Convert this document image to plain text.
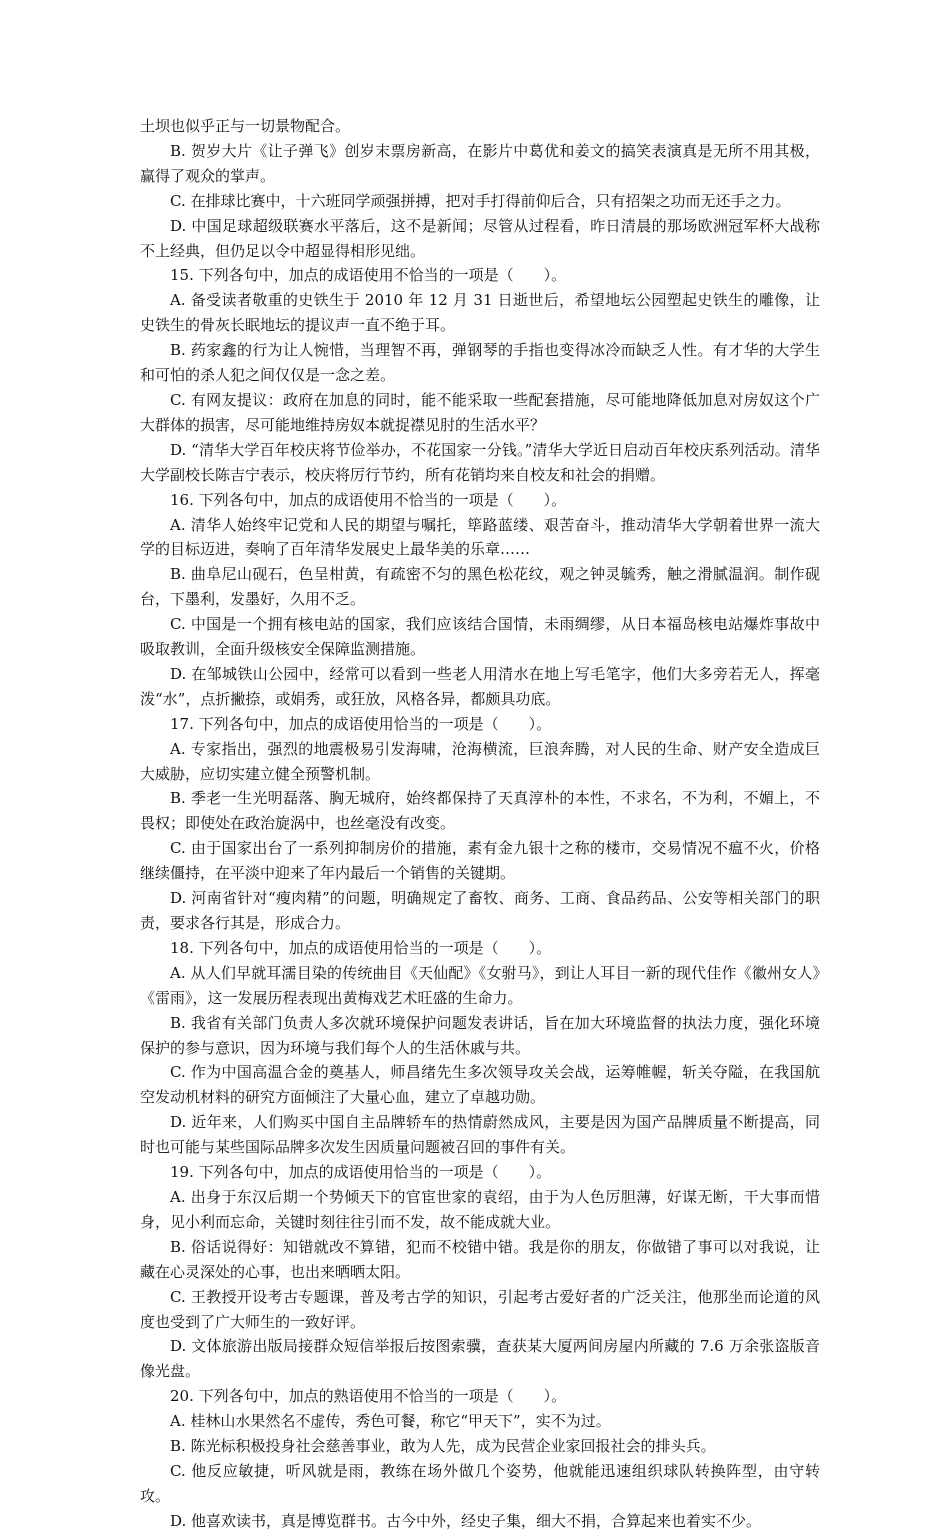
土坝也似乎正与一切景物配合。

B. 贺岁大片《让子弹飞》创岁末票房新高，在影片中葛优和姜文的搞笑表演真是无所不用其极，赢得了观众的掌声。

C. 在排球比赛中，十六班同学顽强拼搏，把对手打得前仰后合，只有招架之功而无还手之力。

D. 中国足球超级联赛水平落后，这不是新闻；尽管从过程看，昨日清晨的那场欧洲冠军杯大战称不上经典，但仍足以令中超显得相形见绌。

15. 下列各句中，加点的成语使用不恰当的一项是（　　）。

A. 备受读者敬重的史铁生于 2010 年 12 月 31 日逝世后，希望地坛公园塑起史铁生的雕像，让史铁生的骨灰长眠地坛的提议声一直不绝于耳。

B. 药家鑫的行为让人惋惜，当理智不再，弹钢琴的手指也变得冰冷而缺乏人性。有才华的大学生和可怕的杀人犯之间仅仅是一念之差。

C. 有网友提议：政府在加息的同时，能不能采取一些配套措施，尽可能地降低加息对房奴这个广大群体的损害，尽可能地维持房奴本就捉襟见肘的生活水平？

D. “清华大学百年校庆将节俭举办，不花国家一分钱。”清华大学近日启动百年校庆系列活动。清华大学副校长陈吉宁表示，校庆将厉行节约，所有花销均来自校友和社会的捐赠。

16. 下列各句中，加点的成语使用不恰当的一项是（　　）。

A. 清华人始终牢记党和人民的期望与嘱托，筚路蓝缕、艰苦奋斗，推动清华大学朝着世界一流大学的目标迈进，奏响了百年清华发展史上最华美的乐章……

B. 曲阜尼山砚石，色呈柑黄，有疏密不匀的黑色松花纹，观之钟灵毓秀，触之滑腻温润。制作砚台，下墨利，发墨好，久用不乏。

C. 中国是一个拥有核电站的国家，我们应该结合国情，未雨绸缪，从日本福岛核电站爆炸事故中吸取教训，全面升级核安全保障监测措施。

D. 在邹城铁山公园中，经常可以看到一些老人用清水在地上写毛笔字，他们大多旁若无人，挥毫泼“水”，点折撇捺，或娟秀，或狂放，风格各异，都颇具功底。

17. 下列各句中，加点的成语使用恰当的一项是（　　）。

A. 专家指出，强烈的地震极易引发海啸，沧海横流，巨浪奔腾，对人民的生命、财产安全造成巨大威胁，应切实建立健全预警机制。

B. 季老一生光明磊落、胸无城府，始终都保持了天真淳朴的本性，不求名，不为利，不媚上，不畏权；即使处在政治旋涡中，也丝毫没有改变。

C. 由于国家出台了一系列抑制房价的措施，素有金九银十之称的楼市，交易情况不瘟不火，价格继续僵持，在平淡中迎来了年内最后一个销售的关键期。

D. 河南省针对“瘦肉精”的问题，明确规定了畜牧、商务、工商、食品药品、公安等相关部门的职责，要求各行其是，形成合力。

18. 下列各句中，加点的成语使用恰当的一项是（　　）。

A. 从人们早就耳濡目染的传统曲目《天仙配》《女驸马》，到让人耳目一新的现代佳作《徽州女人》《雷雨》，这一发展历程表现出黄梅戏艺术旺盛的生命力。

B. 我省有关部门负责人多次就环境保护问题发表讲话，旨在加大环境监督的执法力度，强化环境保护的参与意识，因为环境与我们每个人的生活休戚与共。

C. 作为中国高温合金的奠基人，师昌绪先生多次领导攻关会战，运筹帷幄，斩关夺隘，在我国航空发动机材料的研究方面倾注了大量心血，建立了卓越功勋。

D. 近年来，人们购买中国自主品牌轿车的热情蔚然成风，主要是因为国产品牌质量不断提高，同时也可能与某些国际品牌多次发生因质量问题被召回的事件有关。

19. 下列各句中，加点的成语使用恰当的一项是（　　）。

A. 出身于东汉后期一个势倾天下的官宦世家的袁绍，由于为人色厉胆薄，好谋无断，干大事而惜身，见小利而忘命，关键时刻往往引而不发，故不能成就大业。

B. 俗话说得好：知错就改不算错，犯而不校错中错。我是你的朋友，你做错了事可以对我说，让藏在心灵深处的心事，也出来晒晒太阳。

C. 王教授开设考古专题课，普及考古学的知识，引起考古爱好者的广泛关注，他那坐而论道的风度也受到了广大师生的一致好评。

D. 文体旅游出版局接群众短信举报后按图索骥，查获某大厦两间房屋内所藏的 7.6 万余张盗版音像光盘。

20. 下列各句中，加点的熟语使用不恰当的一项是（　　）。

A. 桂林山水果然名不虚传，秀色可餐，称它“甲天下”，实不为过。

B. 陈光标积极投身社会慈善事业，敢为人先，成为民营企业家回报社会的排头兵。

C. 他反应敏捷，听风就是雨，教练在场外做几个姿势，他就能迅速组织球队转换阵型，由守转攻。

D. 他喜欢读书，真是博览群书。古今中外，经史子集，细大不捐，合算起来也着实不少。
